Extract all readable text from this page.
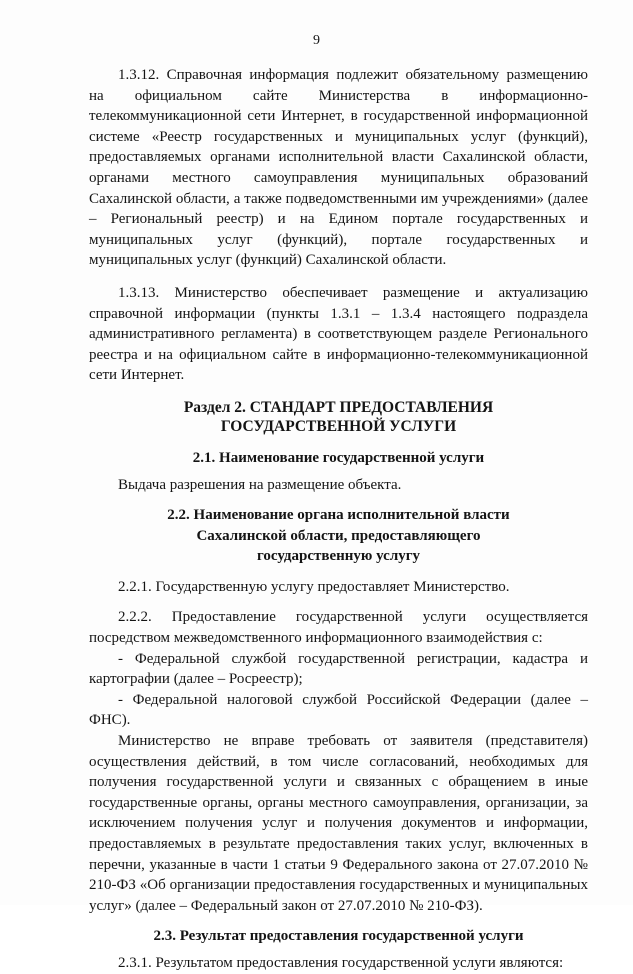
9

1.3.12. Справочная информация подлежит обязательному размещению на официальном сайте Министерства в информационно-телекоммуникационной сети Интернет, в государственной информационной системе «Реестр государственных и муниципальных услуг (функций), предоставляемых органами исполнительной власти Сахалинской области, органами местного самоуправления муниципальных образований Сахалинской области, а также подведомственными им учреждениями» (далее – Региональный реестр) и на Едином портале государственных и муниципальных услуг (функций), портале государственных и муниципальных услуг (функций) Сахалинской области.

1.3.13. Министерство обеспечивает размещение и актуализацию справочной информации (пункты 1.3.1 – 1.3.4 настоящего подраздела административного регламента) в соответствующем разделе Регионального реестра и на официальном сайте в информационно-телекоммуникационной сети Интернет.

Раздел 2. СТАНДАРТ ПРЕДОСТАВЛЕНИЯ
ГОСУДАРСТВЕННОЙ УСЛУГИ

2.1. Наименование государственной услуги

Выдача разрешения на размещение объекта.

2.2. Наименование органа исполнительной власти
Сахалинской области, предоставляющего
государственную услугу

2.2.1. Государственную услугу предоставляет Министерство.

2.2.2. Предоставление государственной услуги осуществляется посредством межведомственного информационного взаимодействия с:

- Федеральной службой государственной регистрации, кадастра и картографии (далее – Росреестр);

- Федеральной налоговой службой Российской Федерации (далее – ФНС).

Министерство не вправе требовать от заявителя (представителя) осуществления действий, в том числе согласований, необходимых для получения государственной услуги и связанных с обращением в иные государственные органы, органы местного самоуправления, организации, за исключением получения услуг и получения документов и информации, предоставляемых в результате предоставления таких услуг, включенных в перечни, указанные в части 1 статьи 9 Федерального закона от 27.07.2010 № 210-ФЗ «Об организации предоставления государственных и муниципальных услуг» (далее – Федеральный закон от 27.07.2010 № 210-ФЗ).

2.3. Результат предоставления государственной услуги

2.3.1. Результатом предоставления государственной услуги являются:
